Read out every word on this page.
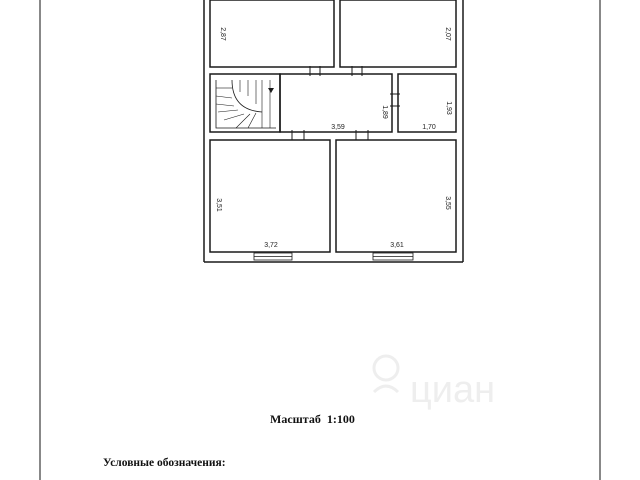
2,87	2,07
3,59
1,89
1,70
1,93
3,72
3,51
3,61
3,55
циан
Масштаб  1:100
Условные обозначения:
